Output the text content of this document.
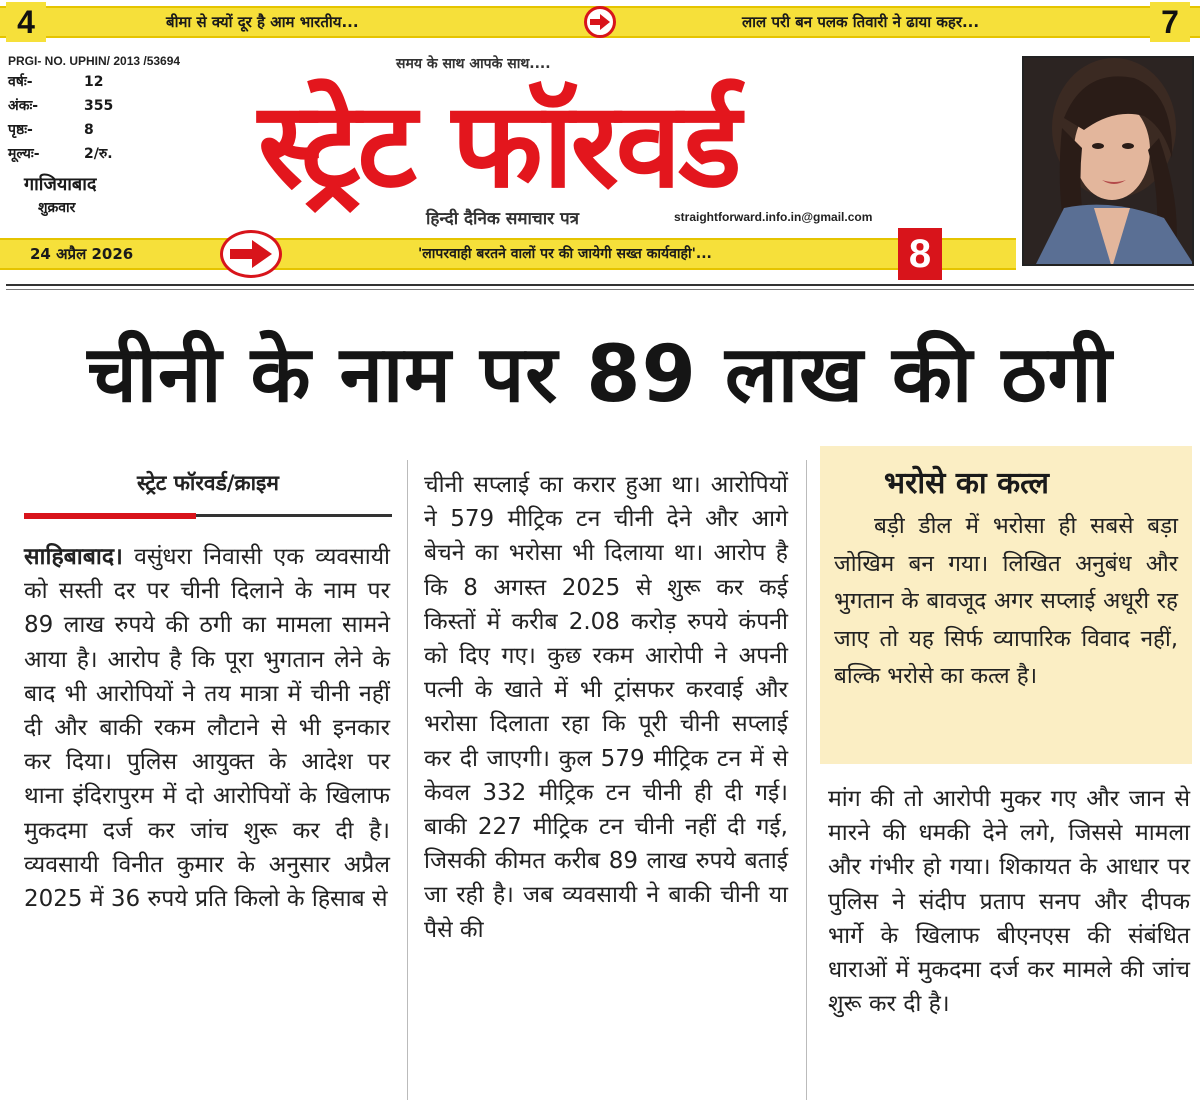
4	बीमा से क्यों दूर है आम भारतीय...	लाल परी बन पलक तिवारी ने ढाया कहर...	7
PRGI- NO. UPHIN/ 2013 /53694
वर्षः-	12
अंकः-	355
पृष्ठः-	8
मूल्यः-	2/रु.
गाजियाबाद
शुक्रवार
समय के साथ आपके साथ....
स्ट्रेट फॉरवर्ड
हिन्दी दैनिक समाचार पत्र	straightforward.info.in@gmail.com
24 अप्रैल 2026	'लापरवाही बरतने वालों पर की जायेगी सख्त कार्यवाही'...	8
चीनी के नाम पर 89 लाख की ठगी
स्ट्रेट फॉरवर्ड/क्राइम

साहिबाबाद। वसुंधरा निवासी एक व्यवसायी को सस्ती दर पर चीनी दिलाने के नाम पर 89 लाख रुपये की ठगी का मामला सामने आया है। आरोप है कि पूरा भुगतान लेने के बाद भी आरोपियों ने तय मात्रा में चीनी नहीं दी और बाकी रकम लौटाने से भी इनकार कर दिया। पुलिस आयुक्त के आदेश पर थाना इंदिरापुरम में दो आरोपियों के खिलाफ मुकदमा दर्ज कर जांच शुरू कर दी है। व्यवसायी विनीत कुमार के अनुसार अप्रैल 2025 में 36 रुपये प्रति किलो के हिसाब से

चीनी सप्लाई का करार हुआ था। आरोपियों ने 579 मीट्रिक टन चीनी देने और आगे बेचने का भरोसा भी दिलाया था। आरोप है कि 8 अगस्त 2025 से शुरू कर कई किस्तों में करीब 2.08 करोड़ रुपये कंपनी को दिए गए। कुछ रकम आरोपी ने अपनी पत्नी के खाते में भी ट्रांसफर करवाई और भरोसा दिलाता रहा कि पूरी चीनी सप्लाई कर दी जाएगी। कुल 579 मीट्रिक टन में से केवल 332 मीट्रिक टन चीनी ही दी गई। बाकी 227 मीट्रिक टन चीनी नहीं दी गई, जिसकी कीमत करीब 89 लाख रुपये बताई जा रही है। जब व्यवसायी ने बाकी चीनी या पैसे की

भरोसे का कत्ल
बड़ी डील में भरोसा ही सबसे बड़ा जोखिम बन गया। लिखित अनुबंध और भुगतान के बावजूद अगर सप्लाई अधूरी रह जाए तो यह सिर्फ व्यापारिक विवाद नहीं, बल्कि भरोसे का कत्ल है।

मांग की तो आरोपी मुकर गए और जान से मारने की धमकी देने लगे, जिससे मामला और गंभीर हो गया। शिकायत के आधार पर पुलिस ने संदीप प्रताप सनप और दीपक भार्गे के खिलाफ बीएनएस की संबंधित धाराओं में मुकदमा दर्ज कर मामले की जांच शुरू कर दी है।
